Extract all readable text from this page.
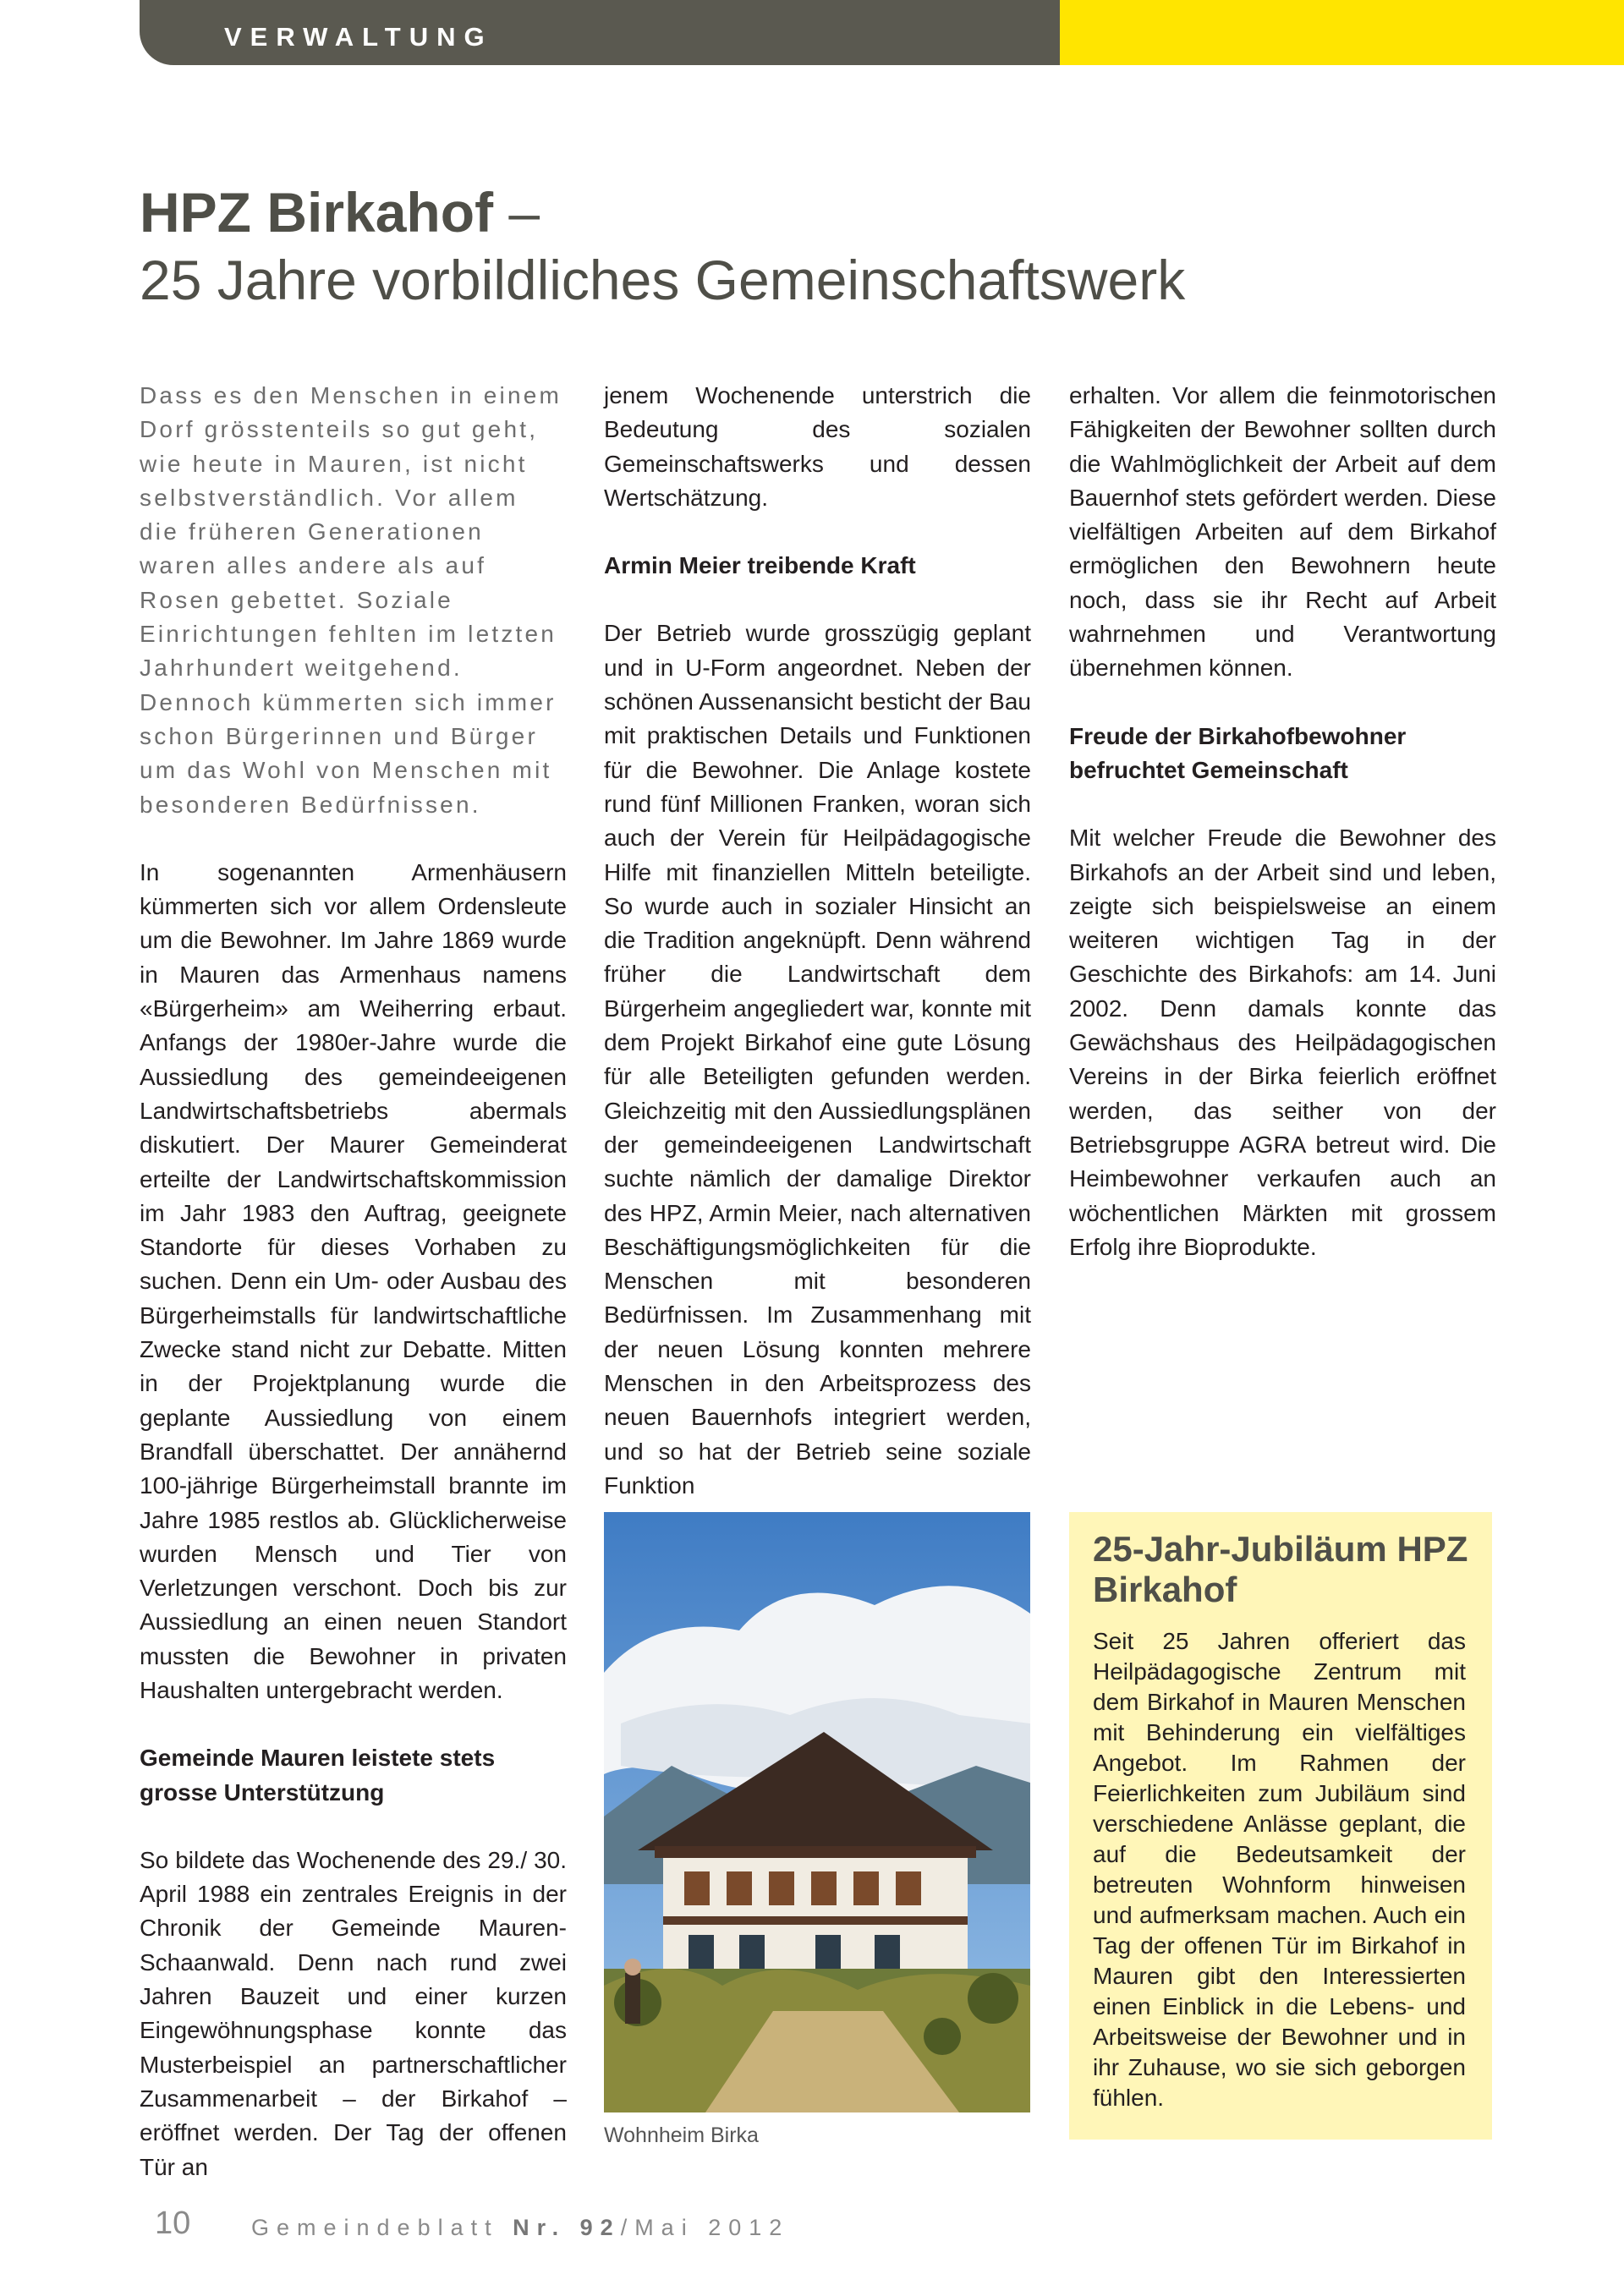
VERWALTUNG
HPZ Birkahof –
25 Jahre vorbildliches Gemeinschaftswerk

Dass es den Menschen in einem Dorf grösstenteils so gut geht, wie heute in Mauren, ist nicht selbstverständlich. Vor allem die früheren Generationen waren alles andere als auf Rosen gebettet. Soziale Einrichtungen fehlten im letzten Jahrhundert weitgehend. Dennoch kümmerten sich immer schon Bürgerinnen und Bürger um das Wohl von Menschen mit besonderen Bedürfnissen.

In sogenannten Armenhäusern kümmerten sich vor allem Ordensleute um die Bewohner. Im Jahre 1869 wurde in Mauren das Armenhaus namens «Bürgerheim» am Weiherring erbaut. Anfangs der 1980er-Jahre wurde die Aussiedlung des gemeindeeigenen Landwirtschaftsbetriebs abermals diskutiert. Der Maurer Gemeinderat erteilte der Landwirtschaftskommission im Jahr 1983 den Auftrag, geeignete Standorte für dieses Vorhaben zu suchen. Denn ein Um- oder Ausbau des Bürgerheimstalls für landwirtschaftliche Zwecke stand nicht zur Debatte. Mitten in der Projektplanung wurde die geplante Aussiedlung von einem Brandfall überschattet. Der annähernd 100-jährige Bürgerheimstall brannte im Jahre 1985 restlos ab. Glücklicherweise wurden Mensch und Tier von Verletzungen verschont. Doch bis zur Aussiedlung an einen neuen Standort mussten die Bewohner in privaten Haushalten untergebracht werden.

Gemeinde Mauren leistete stets grosse Unterstützung

So bildete das Wochenende des 29./ 30. April 1988 ein zentrales Ereignis in der Chronik der Gemeinde Mauren-Schaanwald. Denn nach rund zwei Jahren Bauzeit und einer kurzen Eingewöhnungsphase konnte das Musterbeispiel an partnerschaftlicher Zusammenarbeit – der Birkahof – eröffnet werden. Der Tag der offenen Tür an

jenem Wochenende unterstrich die Bedeutung des sozialen Gemeinschaftswerks und dessen Wertschätzung.

Armin Meier treibende Kraft

Der Betrieb wurde grosszügig geplant und in U-Form angeordnet. Neben der schönen Aussenansicht besticht der Bau mit praktischen Details und Funktionen für die Bewohner. Die Anlage kostete rund fünf Millionen Franken, woran sich auch der Verein für Heilpädagogische Hilfe mit finanziellen Mitteln beteiligte. So wurde auch in sozialer Hinsicht an die Tradition angeknüpft. Denn während früher die Landwirtschaft dem Bürgerheim angegliedert war, konnte mit dem Projekt Birkahof eine gute Lösung für alle Beteiligten gefunden werden. Gleichzeitig mit den Aussiedlungsplänen der gemeindeeigenen Landwirtschaft suchte nämlich der damalige Direktor des HPZ, Armin Meier, nach alternativen Beschäftigungsmöglichkeiten für die Menschen mit besonderen Bedürfnissen. Im Zusammenhang mit der neuen Lösung konnten mehrere Menschen in den Arbeitsprozess des neuen Bauernhofs integriert werden, und so hat der Betrieb seine soziale Funktion

erhalten. Vor allem die feinmotorischen Fähigkeiten der Bewohner sollten durch die Wahlmöglichkeit der Arbeit auf dem Bauernhof stets gefördert werden. Diese vielfältigen Arbeiten auf dem Birkahof ermöglichen den Bewohnern heute noch, dass sie ihr Recht auf Arbeit wahrnehmen und Verantwortung übernehmen können.

Freude der Birkahofbewohner befruchtet Gemeinschaft

Mit welcher Freude die Bewohner des Birkahofs an der Arbeit sind und leben, zeigte sich beispielsweise an einem weiteren wichtigen Tag in der Geschichte des Birkahofs: am 14. Juni 2002. Denn damals konnte das Gewächshaus des Heilpädagogischen Vereins in der Birka feierlich eröffnet werden, das seither von der Betriebsgruppe AGRA betreut wird. Die Heimbewohner verkaufen auch an wöchentlichen Märkten mit grossem Erfolg ihre Bioprodukte.

Wohnheim Birka
25-Jahr-Jubiläum HPZ Birkahof
Seit 25 Jahren offeriert das Heilpädagogische Zentrum mit dem Birkahof in Mauren Menschen mit Behinderung ein vielfältiges Angebot. Im Rahmen der Feierlichkeiten zum Jubiläum sind verschiedene Anlässe geplant, die auf die Bedeutsamkeit der betreuten Wohnform hinweisen und aufmerksam machen. Auch ein Tag der offenen Tür im Birkahof in Mauren gibt den Interessierten einen Einblick in die Lebens- und Arbeitsweise der Bewohner und in ihr Zuhause, wo sie sich geborgen fühlen.
10	Gemeindeblatt Nr. 92/Mai 2012
